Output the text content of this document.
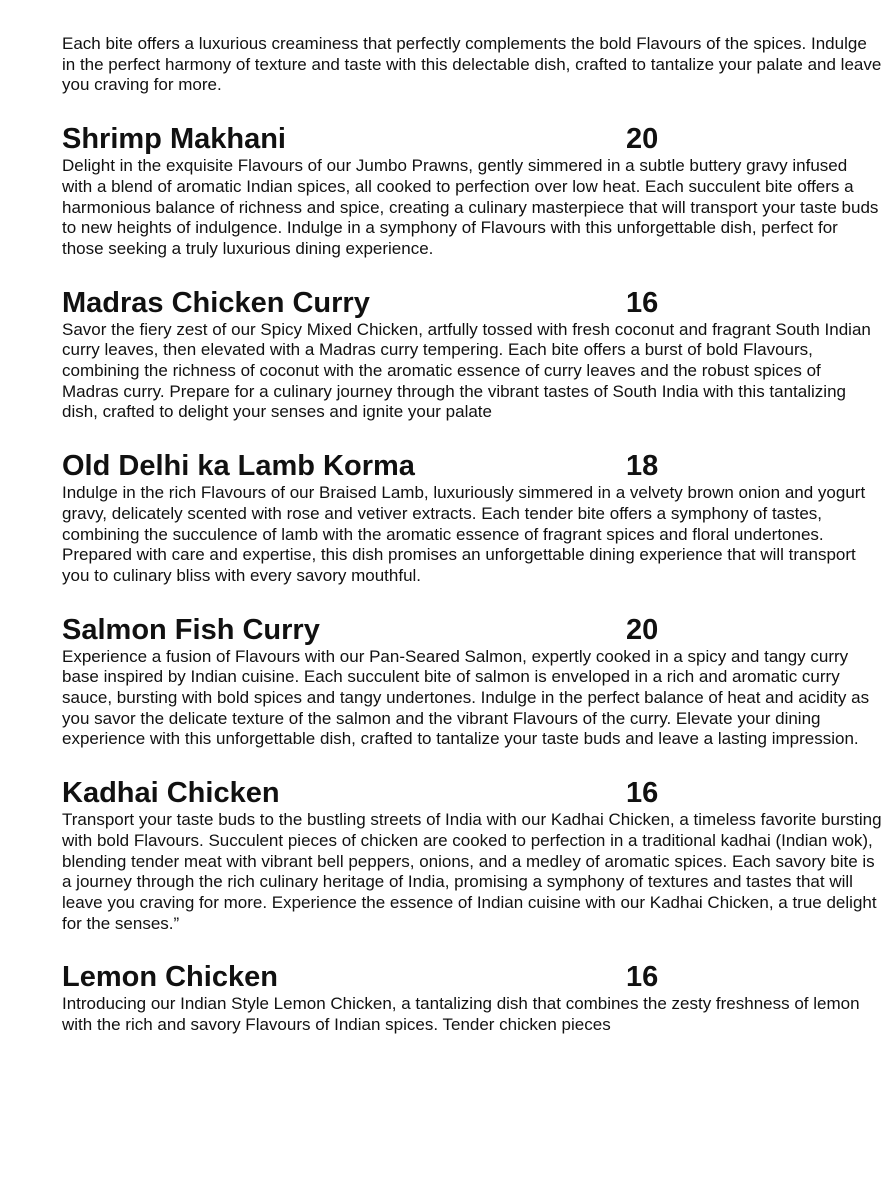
Each bite offers a luxurious creaminess that perfectly complements the bold Flavours of the spices. Indulge in the perfect harmony of texture and taste with this delectable dish, crafted to tantalize your palate and leave you craving for more.

Shrimp Makhani	20

Delight in the exquisite Flavours of our Jumbo Prawns, gently simmered in a subtle buttery gravy infused with a blend of aromatic Indian spices, all cooked to perfection over low heat. Each succulent bite offers a harmonious balance of richness and spice, creating a culinary masterpiece that will transport your taste buds to new heights of indulgence. Indulge in a symphony of Flavours with this unforgettable dish, perfect for those seeking a truly luxurious dining experience.

Madras Chicken Curry	16

Savor the fiery zest of our Spicy Mixed Chicken, artfully tossed with fresh coconut and fragrant South Indian curry leaves, then elevated with a Madras curry tempering. Each bite offers a burst of bold Flavours, combining the richness of coconut with the aromatic essence of curry leaves and the robust spices of Madras curry. Prepare for a culinary journey through the vibrant tastes of South India with this tantalizing dish, crafted to delight your senses and ignite your palate

Old Delhi ka Lamb Korma	18

Indulge in the rich Flavours of our Braised Lamb, luxuriously simmered in a velvety brown onion and yogurt gravy, delicately scented with rose and vetiver extracts. Each tender bite offers a symphony of tastes, combining the succulence of lamb with the aromatic essence of fragrant spices and floral undertones. Prepared with care and expertise, this dish promises an unforgettable dining experience that will transport you to culinary bliss with every savory mouthful.

Salmon Fish Curry	20

Experience a fusion of Flavours with our Pan-Seared Salmon, expertly cooked in a spicy and tangy curry base inspired by Indian cuisine. Each succulent bite of salmon is enveloped in a rich and aromatic curry sauce, bursting with bold spices and tangy undertones. Indulge in the perfect balance of heat and acidity as you savor the delicate texture of the salmon and the vibrant Flavours of the curry. Elevate your dining experience with this unforgettable dish, crafted to tantalize your taste buds and leave a lasting impression.

Kadhai Chicken	16

Transport your taste buds to the bustling streets of India with our Kadhai Chicken, a timeless favorite bursting with bold Flavours. Succulent pieces of chicken are cooked to perfection in a traditional kadhai (Indian wok), blending tender meat with vibrant bell peppers, onions, and a medley of aromatic spices. Each savory bite is a journey through the rich culinary heritage of India, promising a symphony of textures and tastes that will leave you craving for more. Experience the essence of Indian cuisine with our Kadhai Chicken, a true delight for the senses.”

Lemon Chicken	16

Introducing our Indian Style Lemon Chicken, a tantalizing dish that combines the zesty freshness of lemon with the rich and savory Flavours of Indian spices. Tender chicken pieces
